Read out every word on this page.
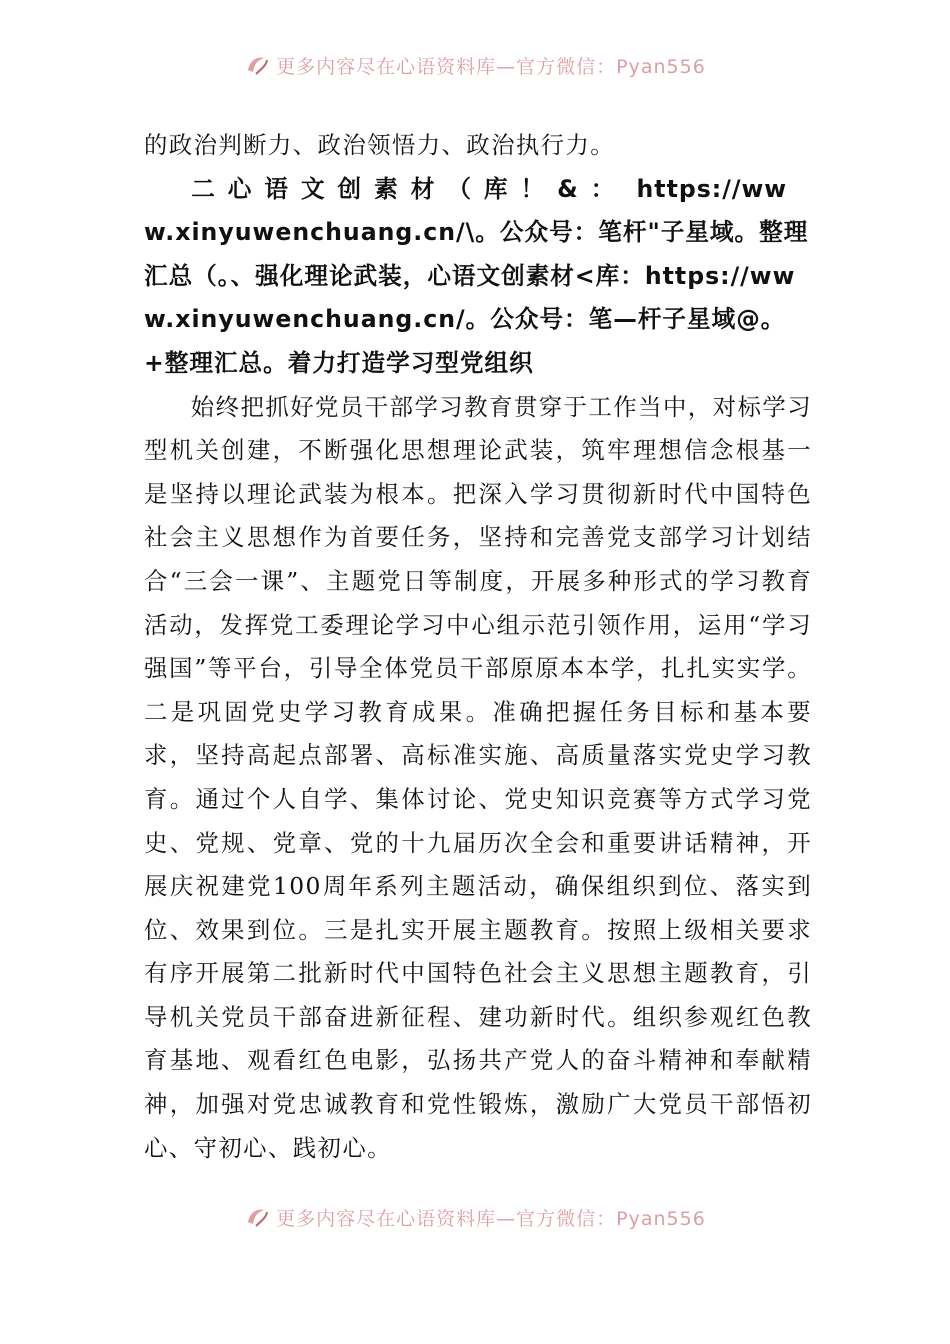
更多内容尽在心语资料库—官方微信：Pyan556

的政治判断力、政治领悟力、政治执行力。

二心语文创素材（库！&： https://www.xinyuwenchuang.cn/\。公众号：笔杆"子星域。整理汇总（。、强化理论武装，心语文创素材<库：https://www.xinyuwenchuang.cn/。公众号：笔—杆子星域@。+整理汇总。着力打造学习型党组织

始终把抓好党员干部学习教育贯穿于工作当中，对标学习型机关创建，不断强化思想理论武装，筑牢理想信念根基一是坚持以理论武装为根本。把深入学习贯彻新时代中国特色社会主义思想作为首要任务，坚持和完善党支部学习计划结合“三会一课”、主题党日等制度，开展多种形式的学习教育活动，发挥党工委理论学习中心组示范引领作用，运用“学习强国”等平台，引导全体党员干部原原本本学，扎扎实实学。二是巩固党史学习教育成果。准确把握任务目标和基本要求，坚持高起点部署、高标准实施、高质量落实党史学习教育。通过个人自学、集体讨论、党史知识竞赛等方式学习党史、党规、党章、党的十九届历次全会和重要讲话精神，开展庆祝建党100周年系列主题活动，确保组织到位、落实到位、效果到位。三是扎实开展主题教育。按照上级相关要求有序开展第二批新时代中国特色社会主义思想主题教育，引导机关党员干部奋进新征程、建功新时代。组织参观红色教育基地、观看红色电影，弘扬共产党人的奋斗精神和奉献精神，加强对党忠诚教育和党性锻炼，激励广大党员干部悟初心、守初心、践初心。

更多内容尽在心语资料库—官方微信：Pyan556
